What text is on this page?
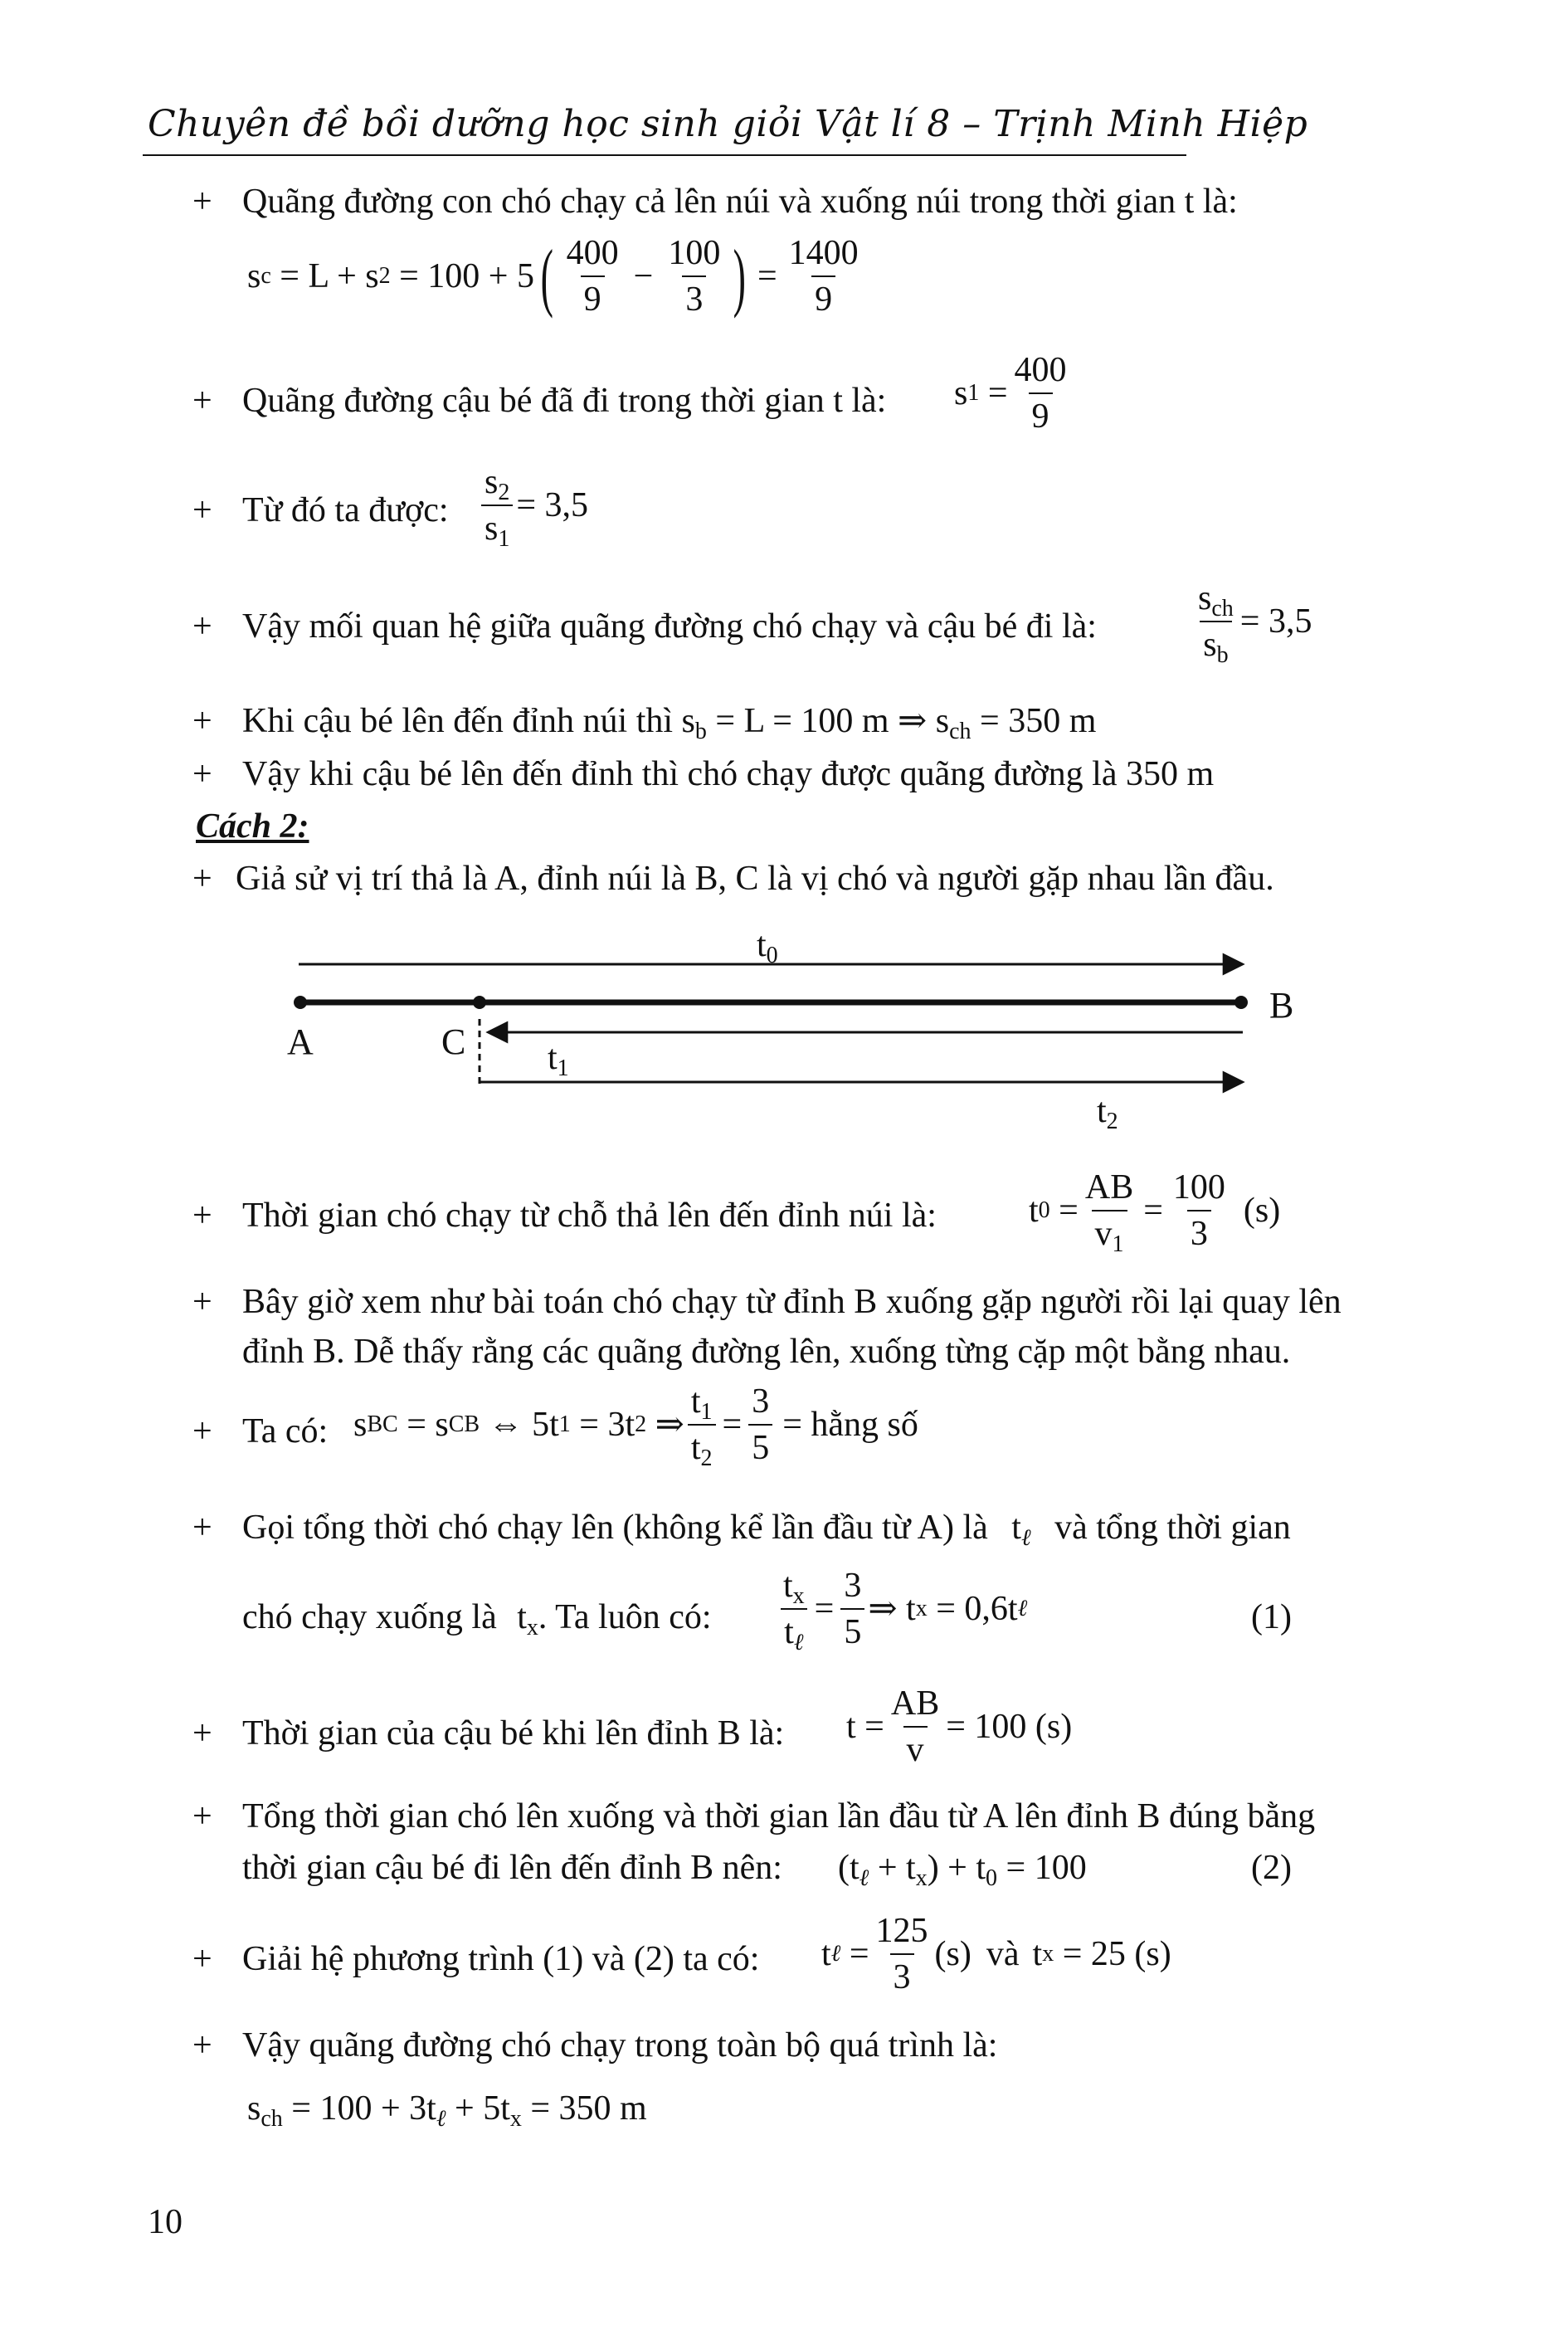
Chuyên đề bồi dưỡng học sinh giỏi Vật lí 8 – Trịnh Minh Hiệp
+ Quãng đường con chó chạy cả lên núi và xuống núi trong thời gian t là:
s c = L + s 2 = 100 + 5 ( $\frac{400}{9} - \frac{100}{3}$ ) = $\frac{1400}{9}$
+ Quãng đường cậu bé đã đi trong thời gian t là: s $1 = \frac{400}{9}$
+ Từ đó ta được: $\frac{s_2}{s_1} = 3,5$
+ Vậy mối quan hệ giữa quãng đường chó chạy và cậu bé đi là:	$\frac{s_{ch}}{s_b} = 3,5$
+ Khi cậu bé lên đến đỉnh núi thì $s_b = L = 100$ m ⇒ $s_{ch} = 350$ m
+ Vậy khi cậu bé lên đến đỉnh thì chó chạy được quãng đường là 350 m
Cách 2:
+ Giả sử vị trí thả là A, đỉnh núi là B, C là vị chó và người gặp nhau lần đầu.
$t_0$
B
A	C $t_1$
$t_2$
+ Thời gian chó chạy từ chỗ thả lên đến đỉnh núi là:	t $0 = \frac{AB}{v_1} = \frac{100}{3} (s)$
+ Bây giờ xem như bài toán chó chạy từ đỉnh B xuống gặp người rồi lại quay lên
đỉnh B. Dễ thấy rằng các quãng đường lên, xuống từng cặp một bằng nhau.
+ Ta có: s BC = s CB ⇔ 5t 1 = 3t 2 ⇒ $\frac{t_1}{t_2} = \frac{3}{5}$ = hằng số
+ Gọi tổng thời chó chạy lên (không kể lần đầu từ A) là $t_\ell$ và tổng thời gian
chó chạy xuống là $t_x$. Ta luôn có: $\frac{t_x}{t_\ell} = \frac{3}{5}$ ⇒ t x = 0,6t ℓ	(1)
+ Thời gian của cậu bé khi lên đỉnh B là: $t = \frac{AB}{v} = 100$ (s)
+ Tổng thời gian chó lên xuống và thời gian lần đầu từ A lên đỉnh B đúng bằng
thời gian cậu bé đi lên đến đỉnh B nên: $(t_\ell + t_x) + t_0 = 100$	(2)
+ Giải hệ phương trình (1) và (2) ta có: t ℓ = $\frac{125}{3} (s)$ và t x = 25 (s)
+ Vậy quãng đường chó chạy trong toàn bộ quá trình là:
$s_{ch} = 100 + 3t_\ell + 5t_x = 350$ m
10
